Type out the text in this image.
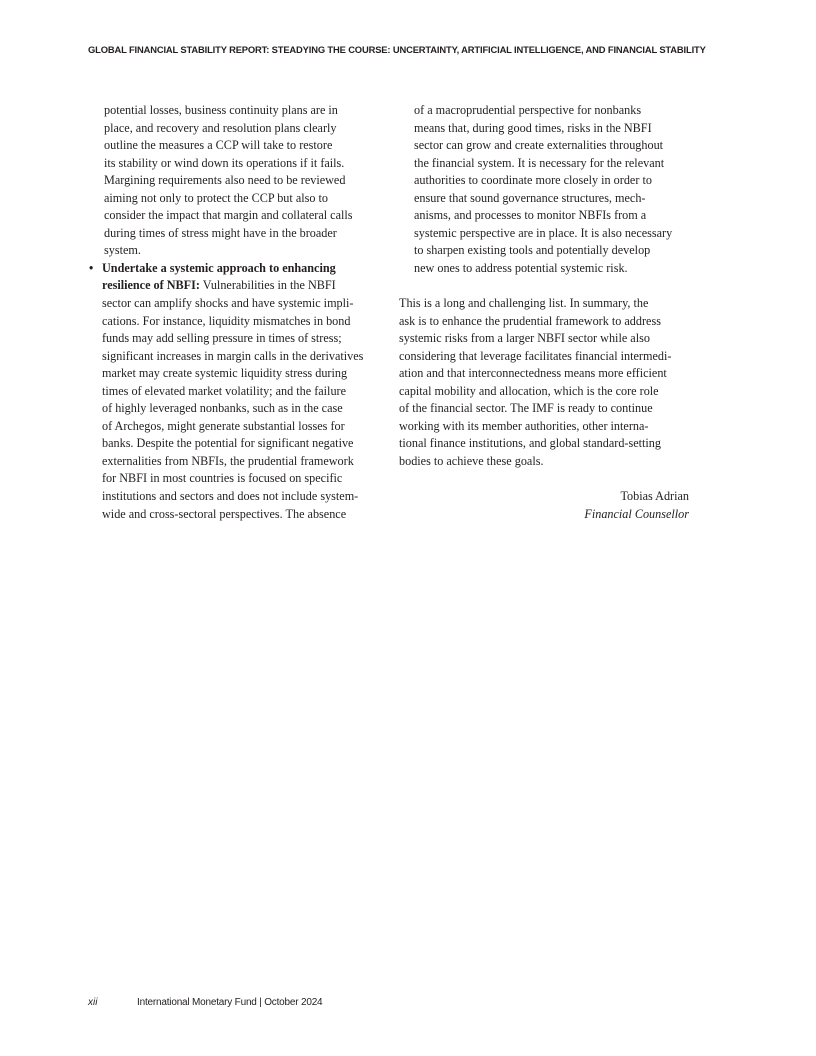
GLOBAL FINANCIAL STABILITY REPORT: STEADYING THE COURSE: UNCERTAINTY, ARTIFICIAL INTELLIGENCE, AND FINANCIAL STABILITY
potential losses, business continuity plans are in
place, and recovery and resolution plans clearly
outline the measures a CCP will take to restore
its stability or wind down its operations if it fails.
Margining requirements also need to be reviewed
aiming not only to protect the CCP but also to
consider the impact that margin and collateral calls
during times of stress might have in the broader
system.
• Undertake a systemic approach to enhancing
resilience of NBFI: Vulnerabilities in the NBFI
sector can amplify shocks and have systemic impli-
cations. For instance, liquidity mismatches in bond
funds may add selling pressure in times of stress;
significant increases in margin calls in the derivatives
market may create systemic liquidity stress during
times of elevated market volatility; and the failure
of highly leveraged nonbanks, such as in the case
of Archegos, might generate substantial losses for
banks. Despite the potential for significant negative
externalities from NBFIs, the prudential framework
for NBFI in most countries is focused on specific
institutions and sectors and does not include system-
wide and cross-sectoral perspectives. The absence
of a macroprudential perspective for nonbanks
means that, during good times, risks in the NBFI
sector can grow and create externalities throughout
the financial system. It is necessary for the relevant
authorities to coordinate more closely in order to
ensure that sound governance structures, mech-
anisms, and processes to monitor NBFIs from a
systemic perspective are in place. It is also necessary
to sharpen existing tools and potentially develop
new ones to address potential systemic risk.
This is a long and challenging list. In summary, the
ask is to enhance the prudential framework to address
systemic risks from a larger NBFI sector while also
considering that leverage facilitates financial intermedi-
ation and that interconnectedness means more efficient
capital mobility and allocation, which is the core role
of the financial sector. The IMF is ready to continue
working with its member authorities, other interna-
tional finance institutions, and global standard-setting
bodies to achieve these goals.
Tobias Adrian
Financial Counsellor
xii	International Monetary Fund | October 2024
